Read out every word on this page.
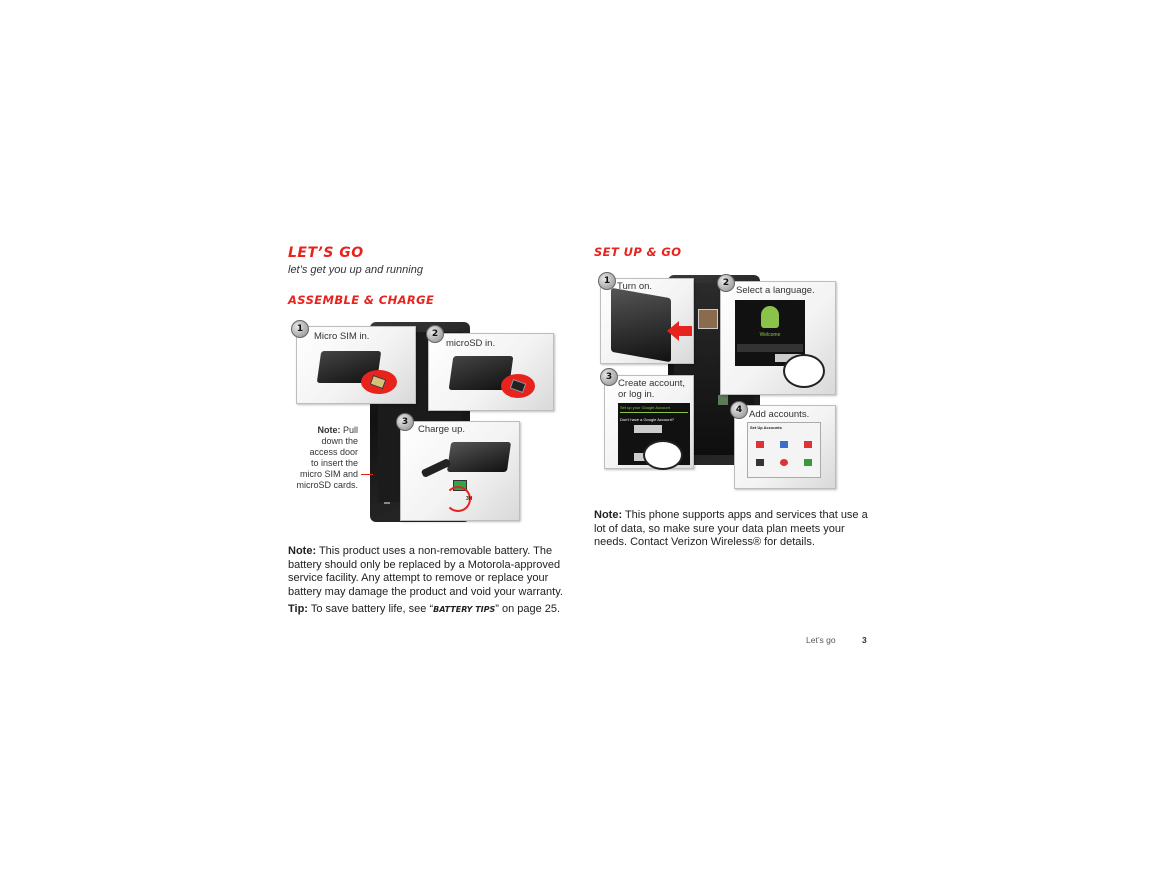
LET’S GO
let’s get you up and running
ASSEMBLE & CHARGE
1
Micro SIM in.	2
microSD in.
3H
3
Charge up.
Note: Pull
down the
access door
to insert the
micro SIM and
microSD cards.
Note: This product uses a non-removable battery. The battery should only be replaced by a Motorola-approved service facility. Any attempt to remove or replace your battery may damage the product and void your warranty.
Tip: To save battery life, see “BATTERY TIPS” on page 25.
SET UP & GO
1 Turn on.
Welcome
2
Select a language.
Set up your Google Account
Don't have a Google Account?
3
Create account,
or log in.
Set Up Accounts
4 Add accounts.
Note: This phone supports apps and services that use a lot of data, so make sure your data plan meets your needs. Contact Verizon Wireless® for details.
Let’s go	3
